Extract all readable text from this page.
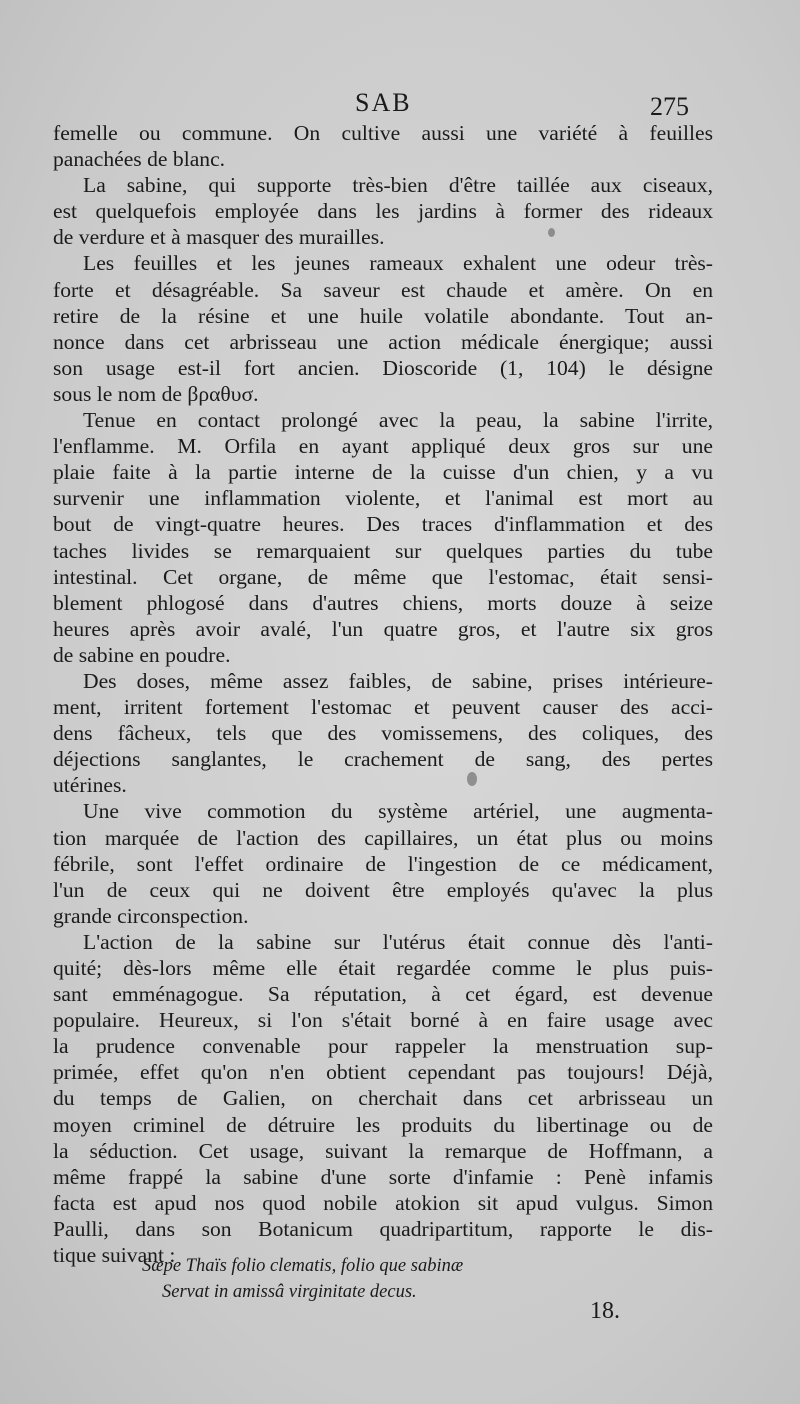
SAB	275
femelle ou commune. On cultive aussi une variété à feuilles
panachées de blanc.
La sabine, qui supporte très-bien d'être taillée aux ciseaux,
est quelquefois employée dans les jardins à former des rideaux
de verdure et à masquer des murailles.
Les feuilles et les jeunes rameaux exhalent une odeur très-
forte et désagréable. Sa saveur est chaude et amère. On en
retire de la résine et une huile volatile abondante. Tout an-
nonce dans cet arbrisseau une action médicale énergique; aussi
son usage est-il fort ancien. Dioscoride (1, 104) le désigne
sous le nom de βραθυσ.
Tenue en contact prolongé avec la peau, la sabine l'irrite,
l'enflamme. M. Orfila en ayant appliqué deux gros sur une
plaie faite à la partie interne de la cuisse d'un chien, y a vu
survenir une inflammation violente, et l'animal est mort au
bout de vingt-quatre heures. Des traces d'inflammation et des
taches livides se remarquaient sur quelques parties du tube
intestinal. Cet organe, de même que l'estomac, était sensi-
blement phlogosé dans d'autres chiens, morts douze à seize
heures après avoir avalé, l'un quatre gros, et l'autre six gros
de sabine en poudre.
Des doses, même assez faibles, de sabine, prises intérieure-
ment, irritent fortement l'estomac et peuvent causer des acci-
dens fâcheux, tels que des vomissemens, des coliques, des
déjections sanglantes, le crachement de sang, des pertes
utérines.
Une vive commotion du système artériel, une augmenta-
tion marquée de l'action des capillaires, un état plus ou moins
fébrile, sont l'effet ordinaire de l'ingestion de ce médicament,
l'un de ceux qui ne doivent être employés qu'avec la plus
grande circonspection.
L'action de la sabine sur l'utérus était connue dès l'anti-
quité; dès-lors même elle était regardée comme le plus puis-
sant emménagogue. Sa réputation, à cet égard, est devenue
populaire. Heureux, si l'on s'était borné à en faire usage avec
la prudence convenable pour rappeler la menstruation sup-
primée, effet qu'on n'en obtient cependant pas toujours! Déjà,
du temps de Galien, on cherchait dans cet arbrisseau un
moyen criminel de détruire les produits du libertinage ou de
la séduction. Cet usage, suivant la remarque de Hoffmann, a
même frappé la sabine d'une sorte d'infamie : Penè infamis
facta est apud nos quod nobile atokion sit apud vulgus. Simon
Paulli, dans son Botanicum quadripartitum, rapporte le dis-
tique suivant :
Sæpe Thaïs folio clematis, folio que sabinæ
Servat in amissâ virginitate decus.
18.
